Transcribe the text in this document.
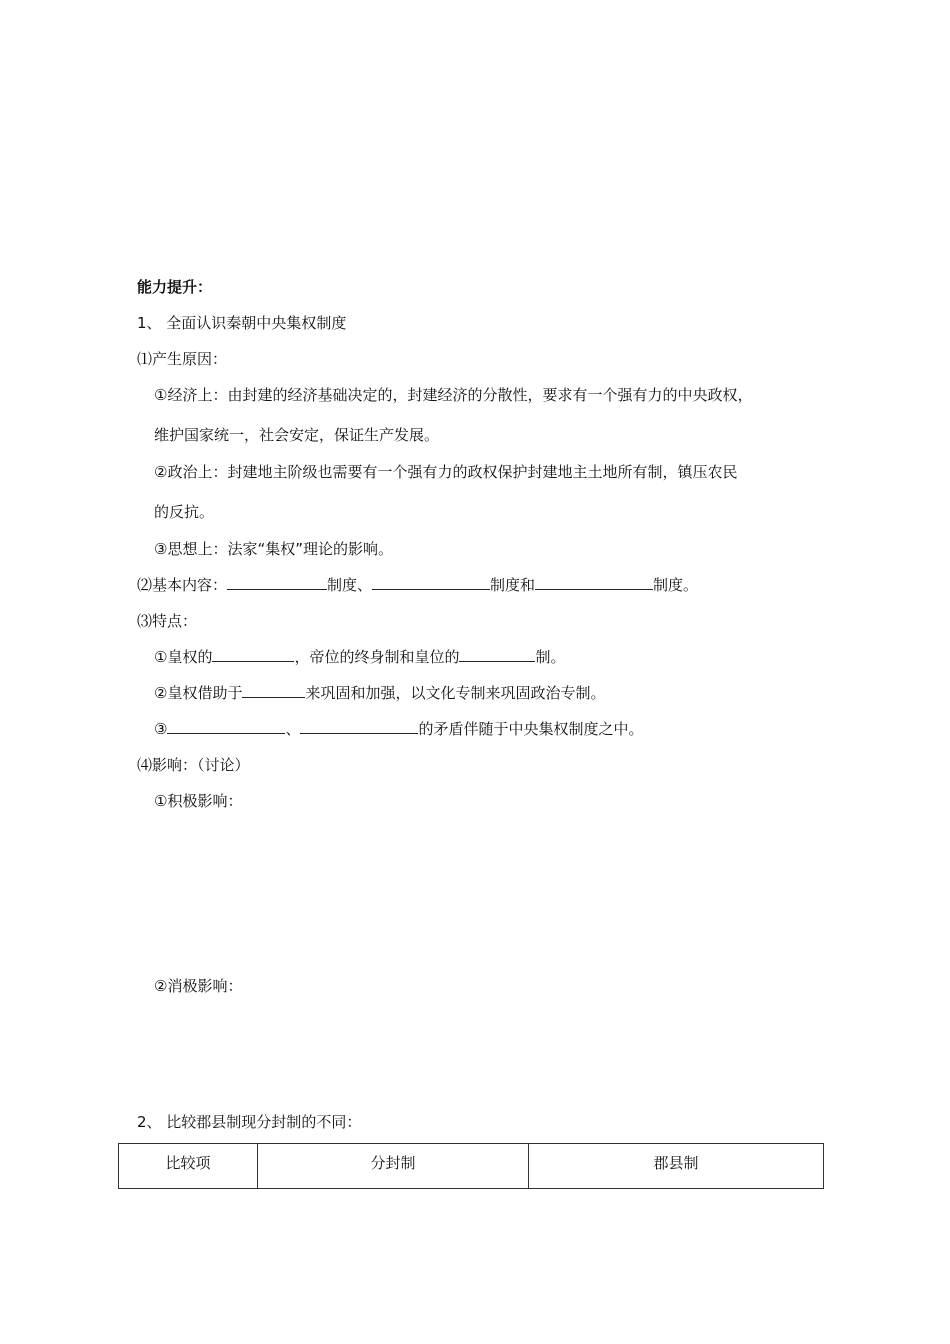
能力提升：
1、 全面认识秦朝中央集权制度
⑴产生原因：
①经济上：由封建的经济基础决定的，封建经济的分散性，要求有一个强有力的中央政权，
维护国家统一，社会安定，保证生产发展。
②政治上：封建地主阶级也需要有一个强有力的政权保护封建地主土地所有制，镇压农民
的反抗。
③思想上：法家“集权”理论的影响。
⑵基本内容：	制度、	制度和	制度。
⑶特点：
①皇权的	，帝位的终身制和皇位的	制。
②皇权借助于	来巩固和加强，以文化专制来巩固政治专制。
③	、	的矛盾伴随于中央集权制度之中。
⑷影响：（讨论）
①积极影响：
②消极影响：
2、 比较郡县制现分封制的不同：
比较项	分封制	郡县制
